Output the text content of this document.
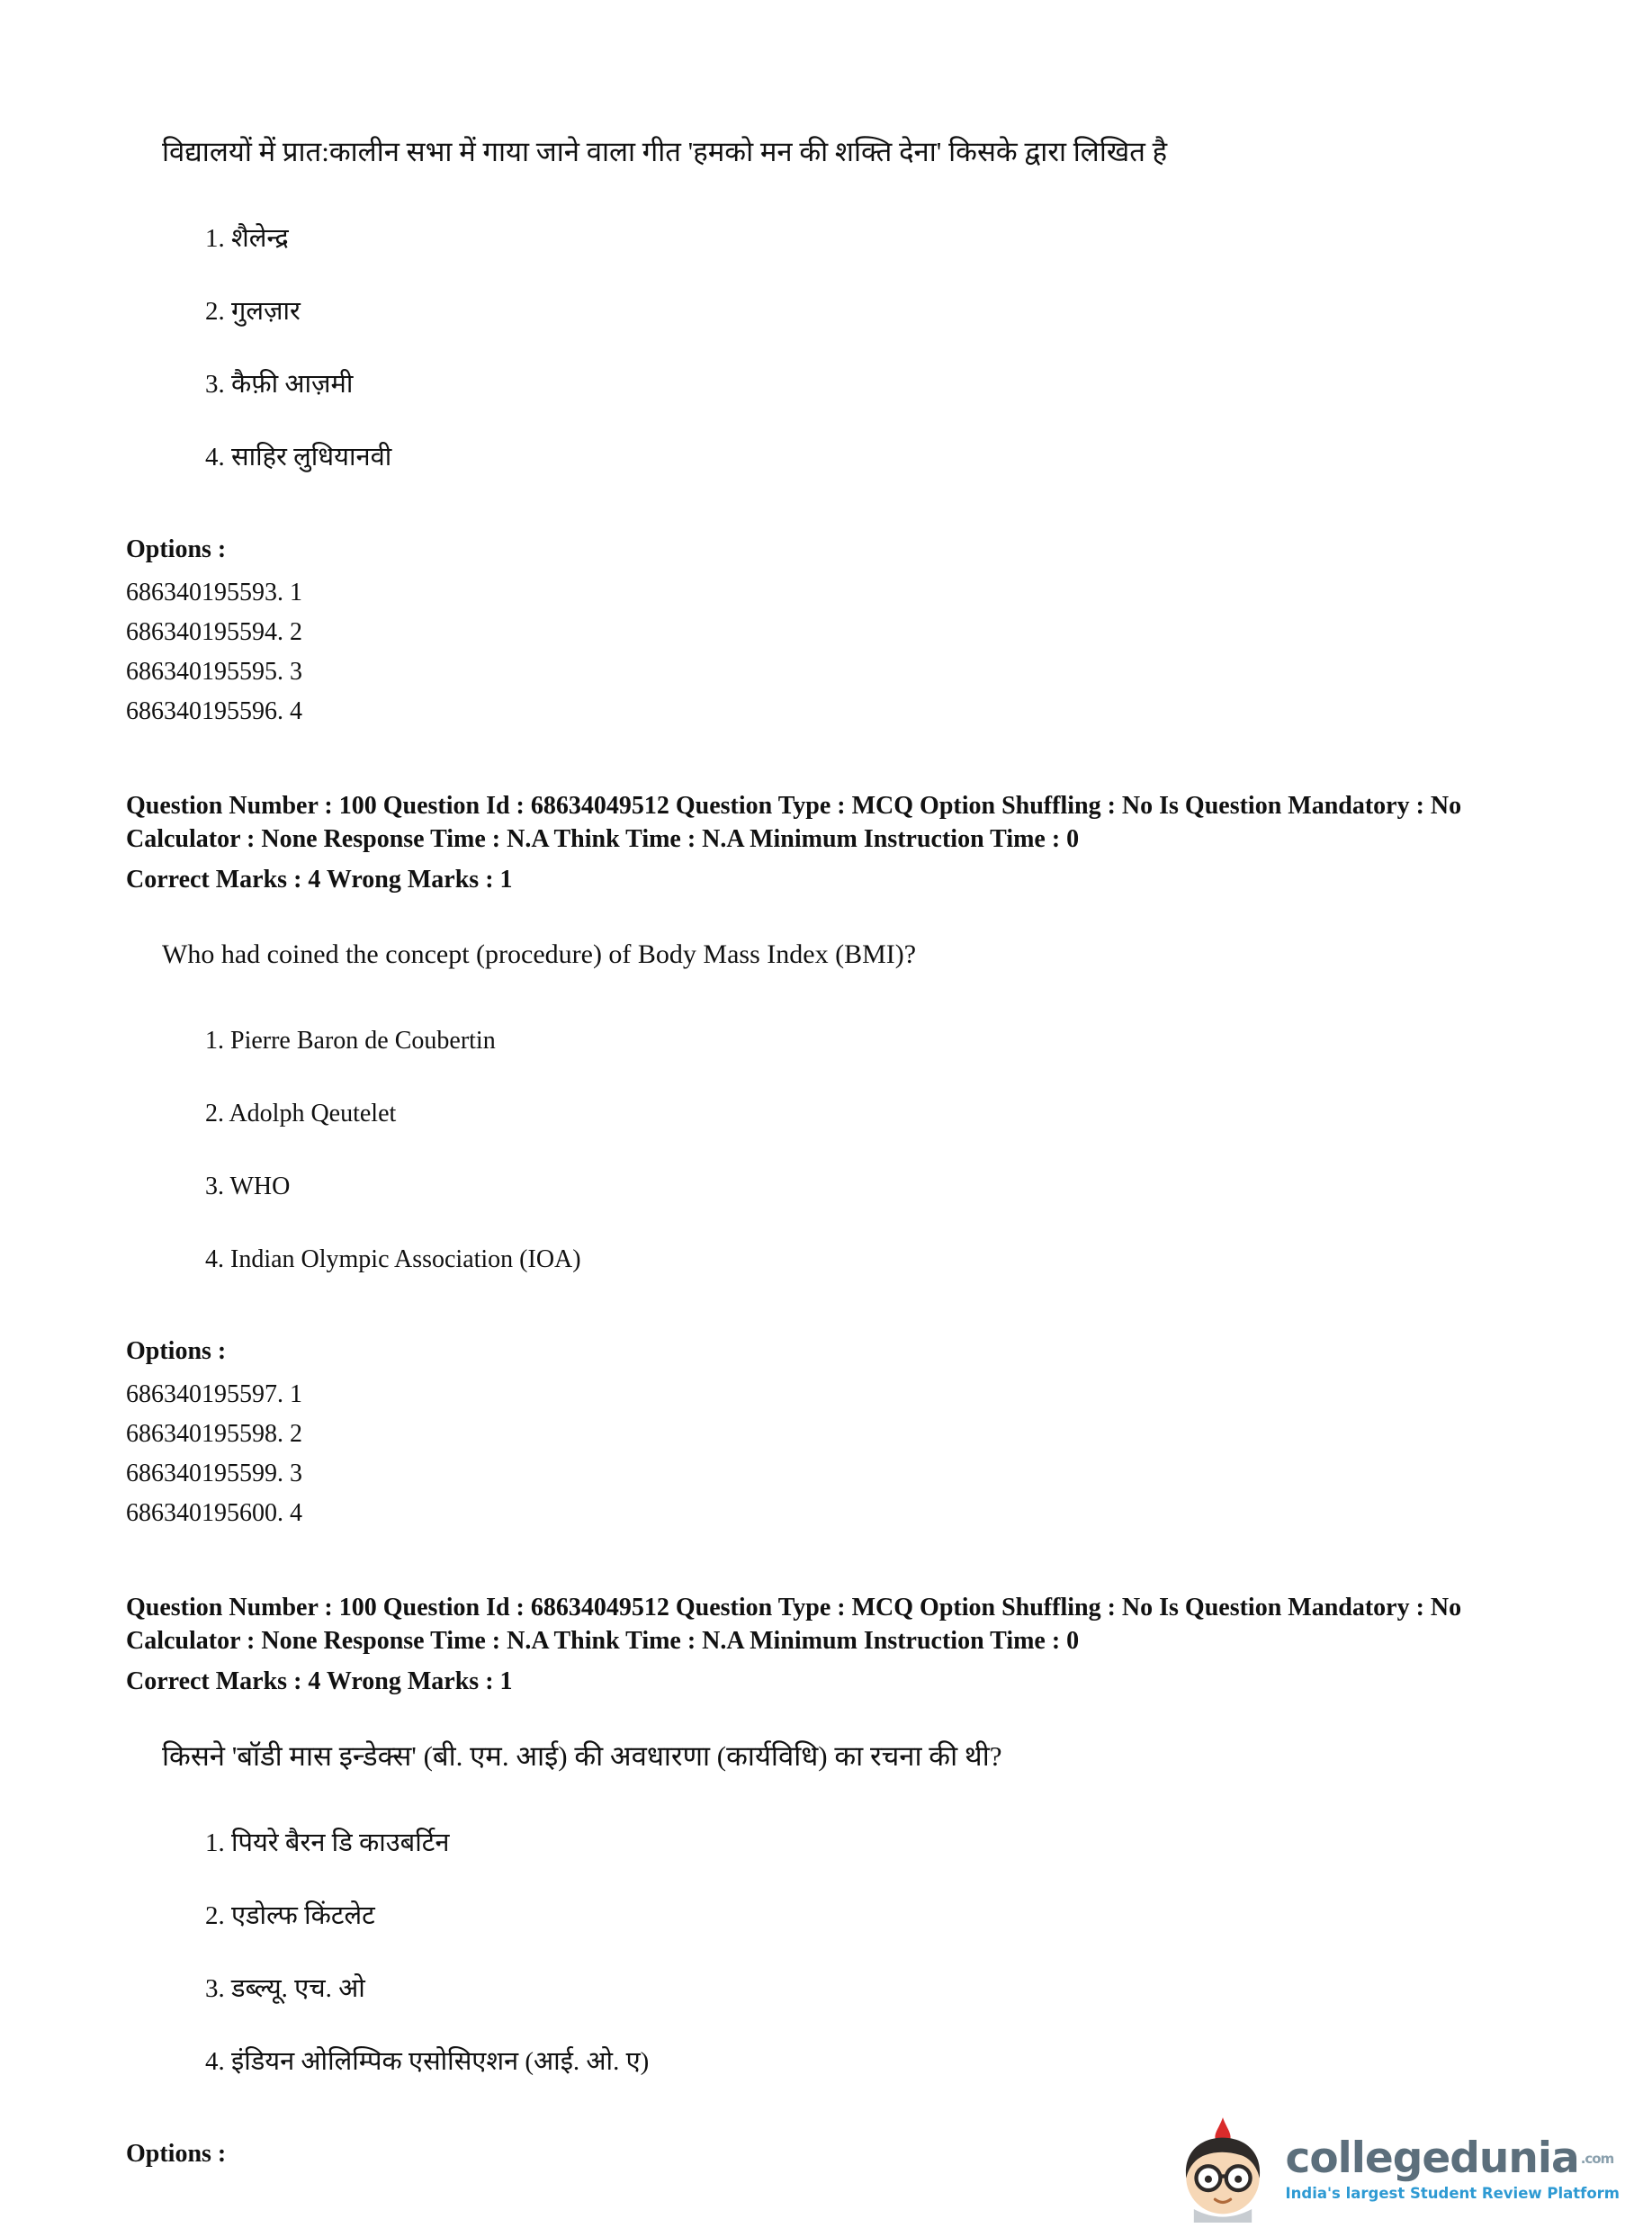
विद्यालयों में प्रात:कालीन सभा में गाया जाने वाला गीत 'हमको मन की शक्ति देना' किसके द्वारा लिखित है
1. शैलेन्द्र
2. गुलज़ार
3. कैफ़ी आज़मी
4. साहिर लुधियानवी
Options :
686340195593. 1
686340195594. 2
686340195595. 3
686340195596. 4
Question Number : 100 Question Id : 68634049512 Question Type : MCQ Option Shuffling : No Is Question Mandatory : No Calculator : None Response Time : N.A Think Time : N.A Minimum Instruction Time : 0
Correct Marks : 4 Wrong Marks : 1
Who had coined the concept (procedure) of Body Mass Index (BMI)?
1. Pierre Baron de Coubertin
2. Adolph Qeutelet
3. WHO
4. Indian Olympic Association (IOA)
Options :
686340195597. 1
686340195598. 2
686340195599. 3
686340195600. 4
Question Number : 100 Question Id : 68634049512 Question Type : MCQ Option Shuffling : No Is Question Mandatory : No Calculator : None Response Time : N.A Think Time : N.A Minimum Instruction Time : 0
Correct Marks : 4 Wrong Marks : 1
किसने 'बॉडी मास इन्डेक्स' (बी. एम. आई) की अवधारणा (कार्यविधि) का रचना की थी?
1. पियरे बैरन डि काउबर्टिन
2. एडोल्फ किंटलेट
3. डब्ल्यू. एच. ओ
4. इंडियन ओलिम्पिक एसोसिएशन (आई. ओ. ए)
Options :	collegedunia $^{.com}$
India's largest Student Review Platform
